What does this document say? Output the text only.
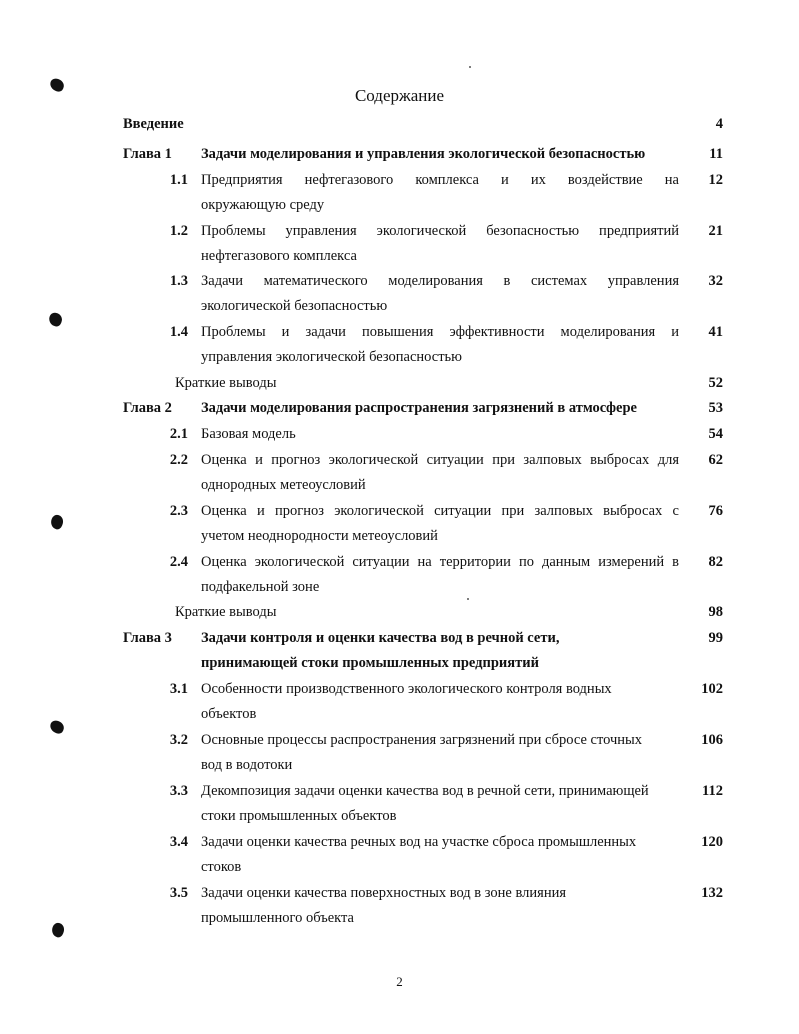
Содержание
Введение	4
Глава 1 Задачи моделирования и управления экологической безопасностью	11
1.1 Предприятия нефтегазового комплекса и их воздействие на	12
окружающую среду
1.2 Проблемы управления экологической безопасностью предприятий	21
нефтегазового комплекса
1.3 Задачи математического моделирования в системах управления	32
экологической безопасностью
1.4 Проблемы и задачи повышения эффективности моделирования и	41
управления экологической безопасностью
Краткие выводы	52
Глава 2 Задачи моделирования распространения загрязнений в атмосфере	53
2.1 Базовая модель	54
2.2 Оценка и прогноз экологической ситуации при залповых выбросах для	62
однородных метеоусловий
2.3 Оценка и прогноз экологической ситуации при залповых выбросах с	76
учетом неоднородности метеоусловий
2.4 Оценка экологической ситуации на территории по данным измерений в	82
подфакельной зоне
Краткие выводы	98
Глава 3 Задачи контроля и оценки качества вод в речной сети,	99
принимающей стоки промышленных предприятий
3.1 Особенности производственного экологического контроля водных	102
объектов
3.2 Основные процессы распространения загрязнений при сбросе сточных	106
вод в водотоки
3.3 Декомпозиция задачи оценки качества вод в речной сети, принимающей	112
стоки промышленных объектов
3.4 Задачи оценки качества речных вод на участке сброса промышленных	120
стоков
3.5 Задачи оценки качества поверхностных вод в зоне влияния	132
промышленного объекта
2
